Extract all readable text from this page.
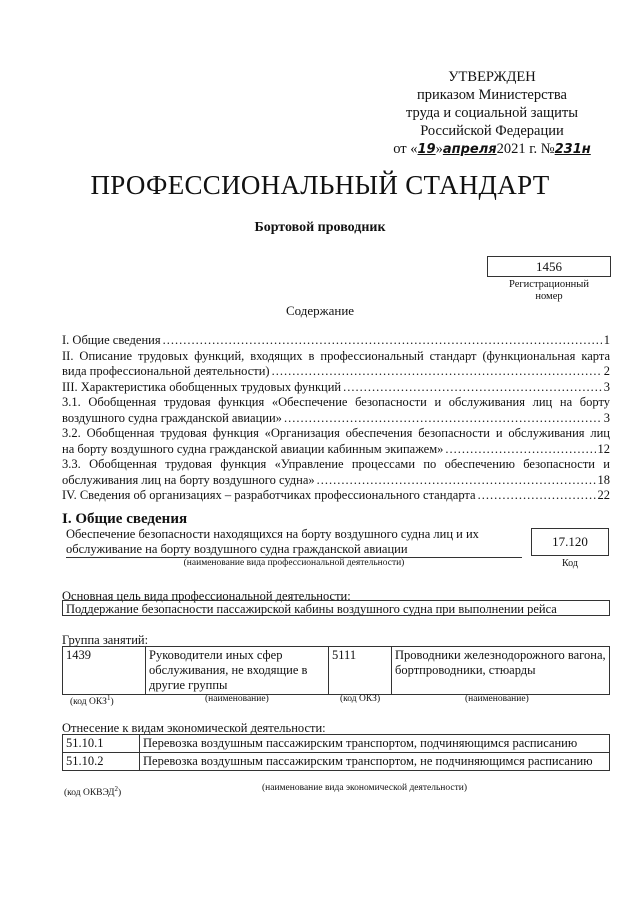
УТВЕРЖДЕН
приказом Министерства
труда и социальной защиты
Российской Федерации
от «19»апреля2021 г. №231н
ПРОФЕССИОНАЛЬНЫЙ СТАНДАРТ
Бортовой проводник
1456
Регистрационный
номер
Содержание
I. Общие сведения .....	1
II. Описание трудовых функций, входящих в профессиональный стандарт (функциональная карта
вида профессиональной деятельности) .....	2
III. Характеристика обобщенных трудовых функций .....	3
3.1. Обобщенная трудовая функция «Обеспечение безопасности и обслуживания лиц на борту
воздушного судна гражданской авиации» .....	3
3.2. Обобщенная трудовая функция «Организация обеспечения безопасности и обслуживания лиц
на борту воздушного судна гражданской авиации кабинным экипажем» .....	12
3.3. Обобщенная трудовая функция «Управление процессами по обеспечению безопасности и
обслуживания лиц на борту воздушного судна» .....	18
IV. Сведения об организациях – разработчиках профессионального стандарта .....	22
I. Общие сведения
Обеспечение безопасности находящихся на борту воздушного судна лиц и их обслуживание на борту воздушного судна гражданской авиации
(наименование вида профессиональной деятельности)
17.120
Код
Основная цель вида профессиональной деятельности:
Поддержание безопасности пассажирской кабины воздушного судна при выполнении рейса
Группа занятий:
1439	Руководители иных сфер обслуживания, не входящие в другие группы	5111	Проводники железнодорожного вагона, бортпроводники, стюарды
(код ОКЗ$^1$)	(наименование)	(код ОКЗ)	(наименование)
Отнесение к видам экономической деятельности:
51.10.1	Перевозка воздушным пассажирским транспортом, подчиняющимся расписанию
51.10.2	Перевозка воздушным пассажирским транспортом, не подчиняющимся расписанию
(код ОКВЭД$^2$)
(наименование вида экономической деятельности)
